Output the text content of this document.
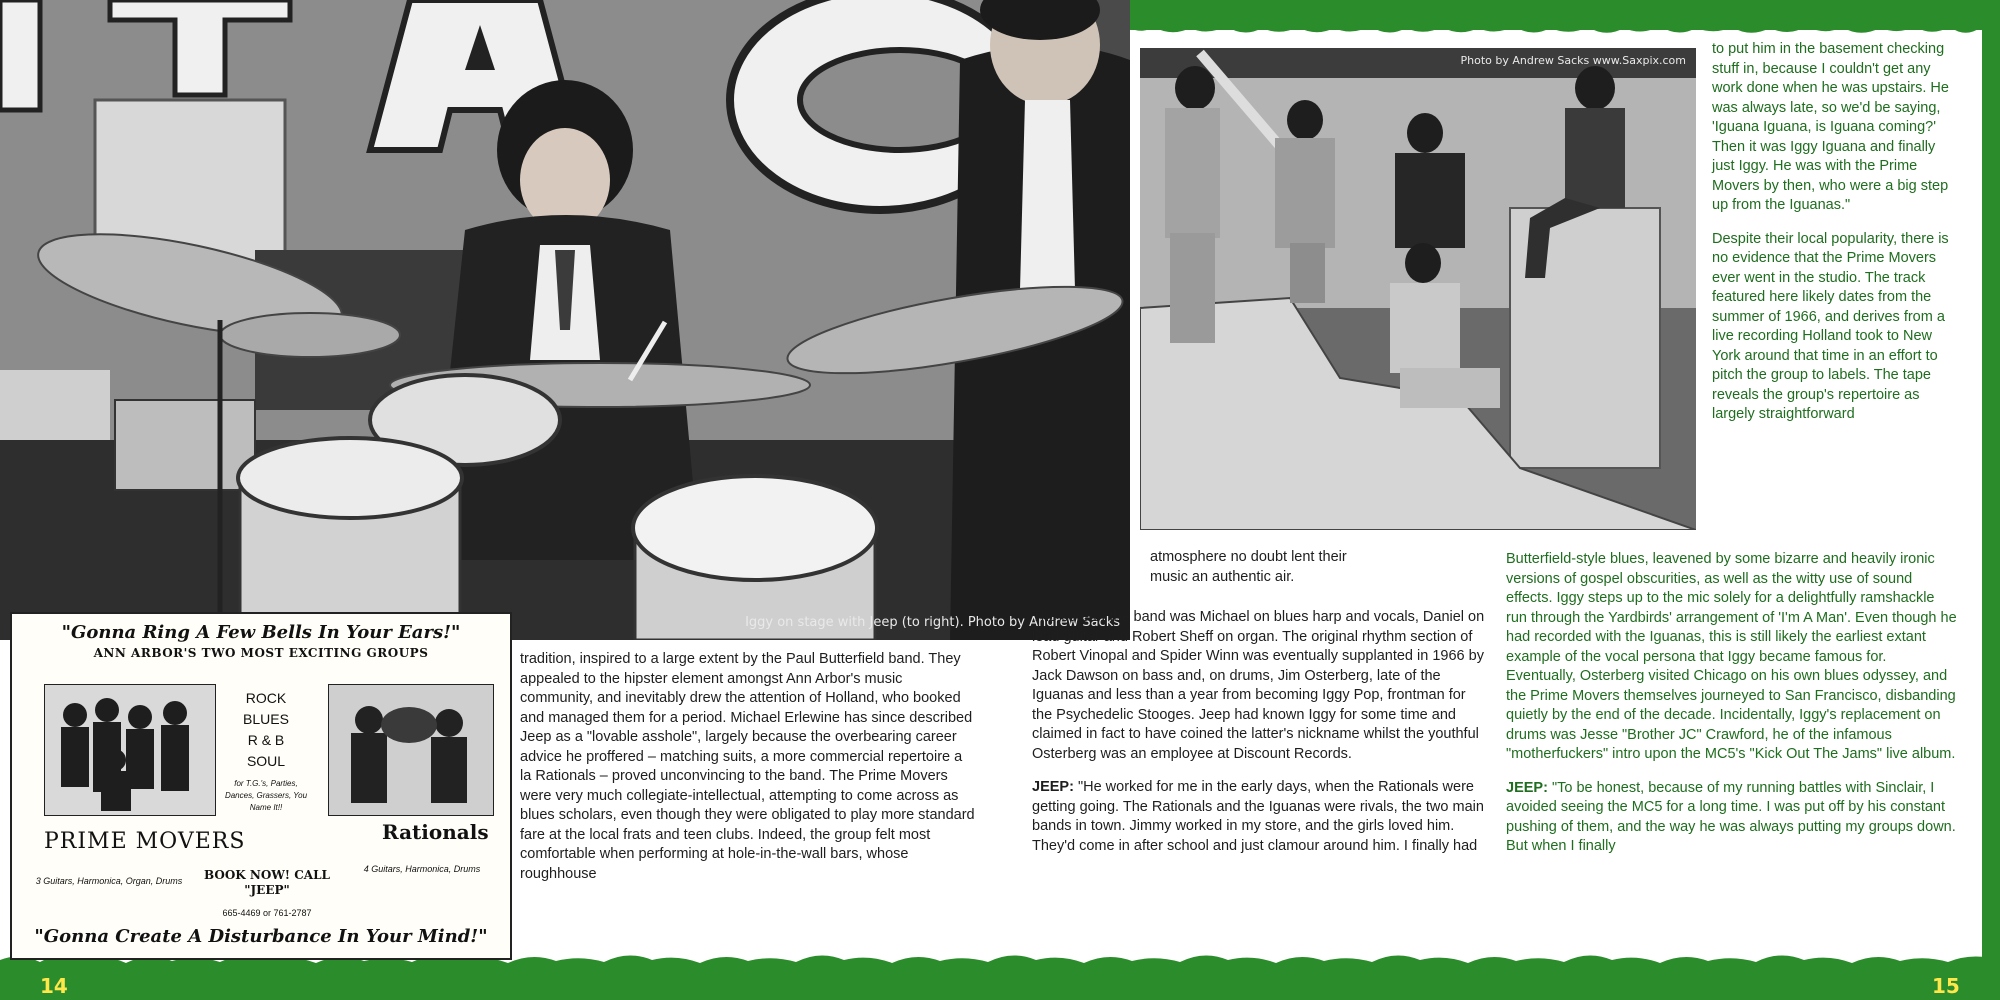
14	15
Iggy on stage with Jeep (to right). Photo by Andrew Sacks
Photo by Andrew Sacks www.Saxpix.com
"Gonna Ring A Few Bells In Your Ears!"
ANN ARBOR'S TWO MOST EXCITING GROUPS
ROCK
BLUES
R & B
SOUL
for T.G.'s, Parties, Dances, Grassers, You Name It!!
PRIME MOVERS	Rationals
3 Guitars, Harmonica, Organ, Drums
4 Guitars, Harmonica, Drums
BOOK NOW! CALL
"JEEP"
665-4469 or 761-2787
"Gonna Create A Disturbance In Your Mind!"

tradition, inspired to a large extent by the Paul Butterfield band. They appealed to the hipster element amongst Ann Arbor's music community, and inevitably drew the attention of Holland, who booked and managed them for a period. Michael Erlewine has since described Jeep as a "lovable asshole", largely because the overbearing career advice he proffered – matching suits, a more commercial repertoire a la Rationals – proved unconvincing to the band. The Prime Movers were very much collegiate-intellectual, attempting to come across as blues scholars, even though they were obligated to play more standard fare at the local frats and teen clubs. Indeed, the group felt most comfortable when performing at hole-in-the-wall bars, whose roughhouse

atmosphere no doubt lent their music an authentic air.

The core of the band was Michael on blues harp and vocals, Daniel on lead guitar and Robert Sheff on organ. The original rhythm section of Robert Vinopal and Spider Winn was eventually supplanted in 1966 by Jack Dawson on bass and, on drums, Jim Osterberg, late of the Iguanas and less than a year from becoming Iggy Pop, frontman for the Psychedelic Stooges. Jeep had known Iggy for some time and claimed in fact to have coined the latter's nickname whilst the youthful Osterberg was an employee at Discount Records.

JEEP: "He worked for me in the early days, when the Rationals were getting going. The Rationals and the Iguanas were rivals, the two main bands in town. Jimmy worked in my store, and the girls loved him. They'd come in after school and just clamour around him. I finally had

to put him in the basement checking stuff in, because I couldn't get any work done when he was upstairs. He was always late, so we'd be saying, 'Iguana Iguana, is Iguana coming?' Then it was Iggy Iguana and finally just Iggy. He was with the Prime Movers by then, who were a big step up from the Iguanas."

Despite their local popularity, there is no evidence that the Prime Movers ever went in the studio. The track featured here likely dates from the summer of 1966, and derives from a live recording Holland took to New York around that time in an effort to pitch the group to labels. The tape reveals the group's repertoire as largely straightforward

Butterfield-style blues, leavened by some bizarre and heavily ironic versions of gospel obscurities, as well as the witty use of sound effects. Iggy steps up to the mic solely for a delightfully ramshackle run through the Yardbirds' arrangement of 'I'm A Man'. Even though he had recorded with the Iguanas, this is still likely the earliest extant example of the vocal persona that Iggy became famous for. Eventually, Osterberg visited Chicago on his own blues odyssey, and the Prime Movers themselves journeyed to San Francisco, disbanding quietly by the end of the decade. Incidentally, Iggy's replacement on drums was Jesse "Brother JC" Crawford, he of the infamous "motherfuckers" intro upon the MC5's "Kick Out The Jams" live album.

JEEP: "To be honest, because of my running battles with Sinclair, I avoided seeing the MC5 for a long time. I was put off by his constant pushing of them, and the way he was always putting my groups down. But when I finally
